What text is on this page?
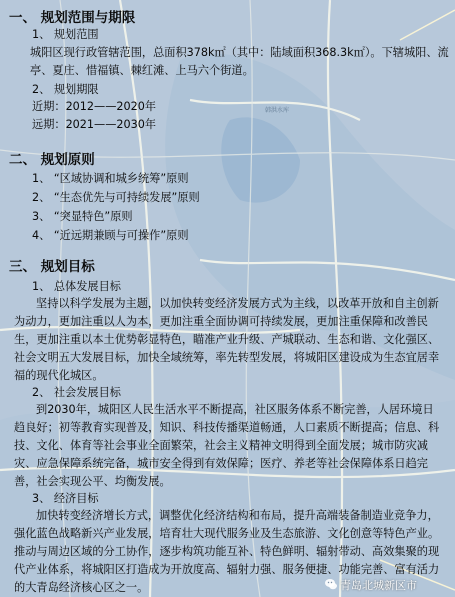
韩洪水库
一、 规划范围与期限
1、 规划范围
城阳区现行政管辖范围，总面积378k㎡（其中：陆域面积368.3k㎡）。下辖城阳、流亭、夏庄、惜福镇、棘红滩、上马六个街道。
2、 规划期限
近期：2012——2020年
远期：2021——2030年
二、 规划原则
1、 “区域协调和城乡统筹”原则
2、 “生态优先与可持续发展”原则
3、 “突显特色”原则
4、 “近远期兼顾与可操作”原则
三、 规划目标
1、 总体发展目标
坚持以科学发展为主题，以加快转变经济发展方式为主线，以改革开放和自主创新为动力，更加注重以人为本，更加注重全面协调可持续发展，更加注重保障和改善民生，更加注重以本土优势彰显特色，瞄准产业升级、产城联动、生态和谐、文化强区、社会文明五大发展目标，加快全域统筹，率先转型发展，将城阳区建设成为生态宜居幸福的现代化城区。
2、 社会发展目标
到2030年，城阳区人民生活水平不断提高，社区服务体系不断完善，人居环境日趋良好；初等教育实现普及，知识、科技传播渠道畅通，人口素质不断提高；信息、科技、文化、体育等社会事业全面繁荣，社会主义精神文明得到全面发展；城市防灾减灾、应急保障系统完备，城市安全得到有效保障；医疗、养老等社会保障体系日趋完善，社会实现公平、均衡发展。
3、 经济目标
加快转变经济增长方式，调整优化经济结构和布局，提升高端装备制造业竞争力，强化蓝色战略新兴产业发展，培育壮大现代服务业及生态旅游、文化创意等特色产业。推动与周边区域的分工协作，逐步构筑功能互补、特色鲜明、辐射带动、高效集聚的现代产业体系，将城阳区打造成为开放度高、辐射力强、服务便捷、功能完善、富有活力的大青岛经济核心区之一。	青岛北城新区市
